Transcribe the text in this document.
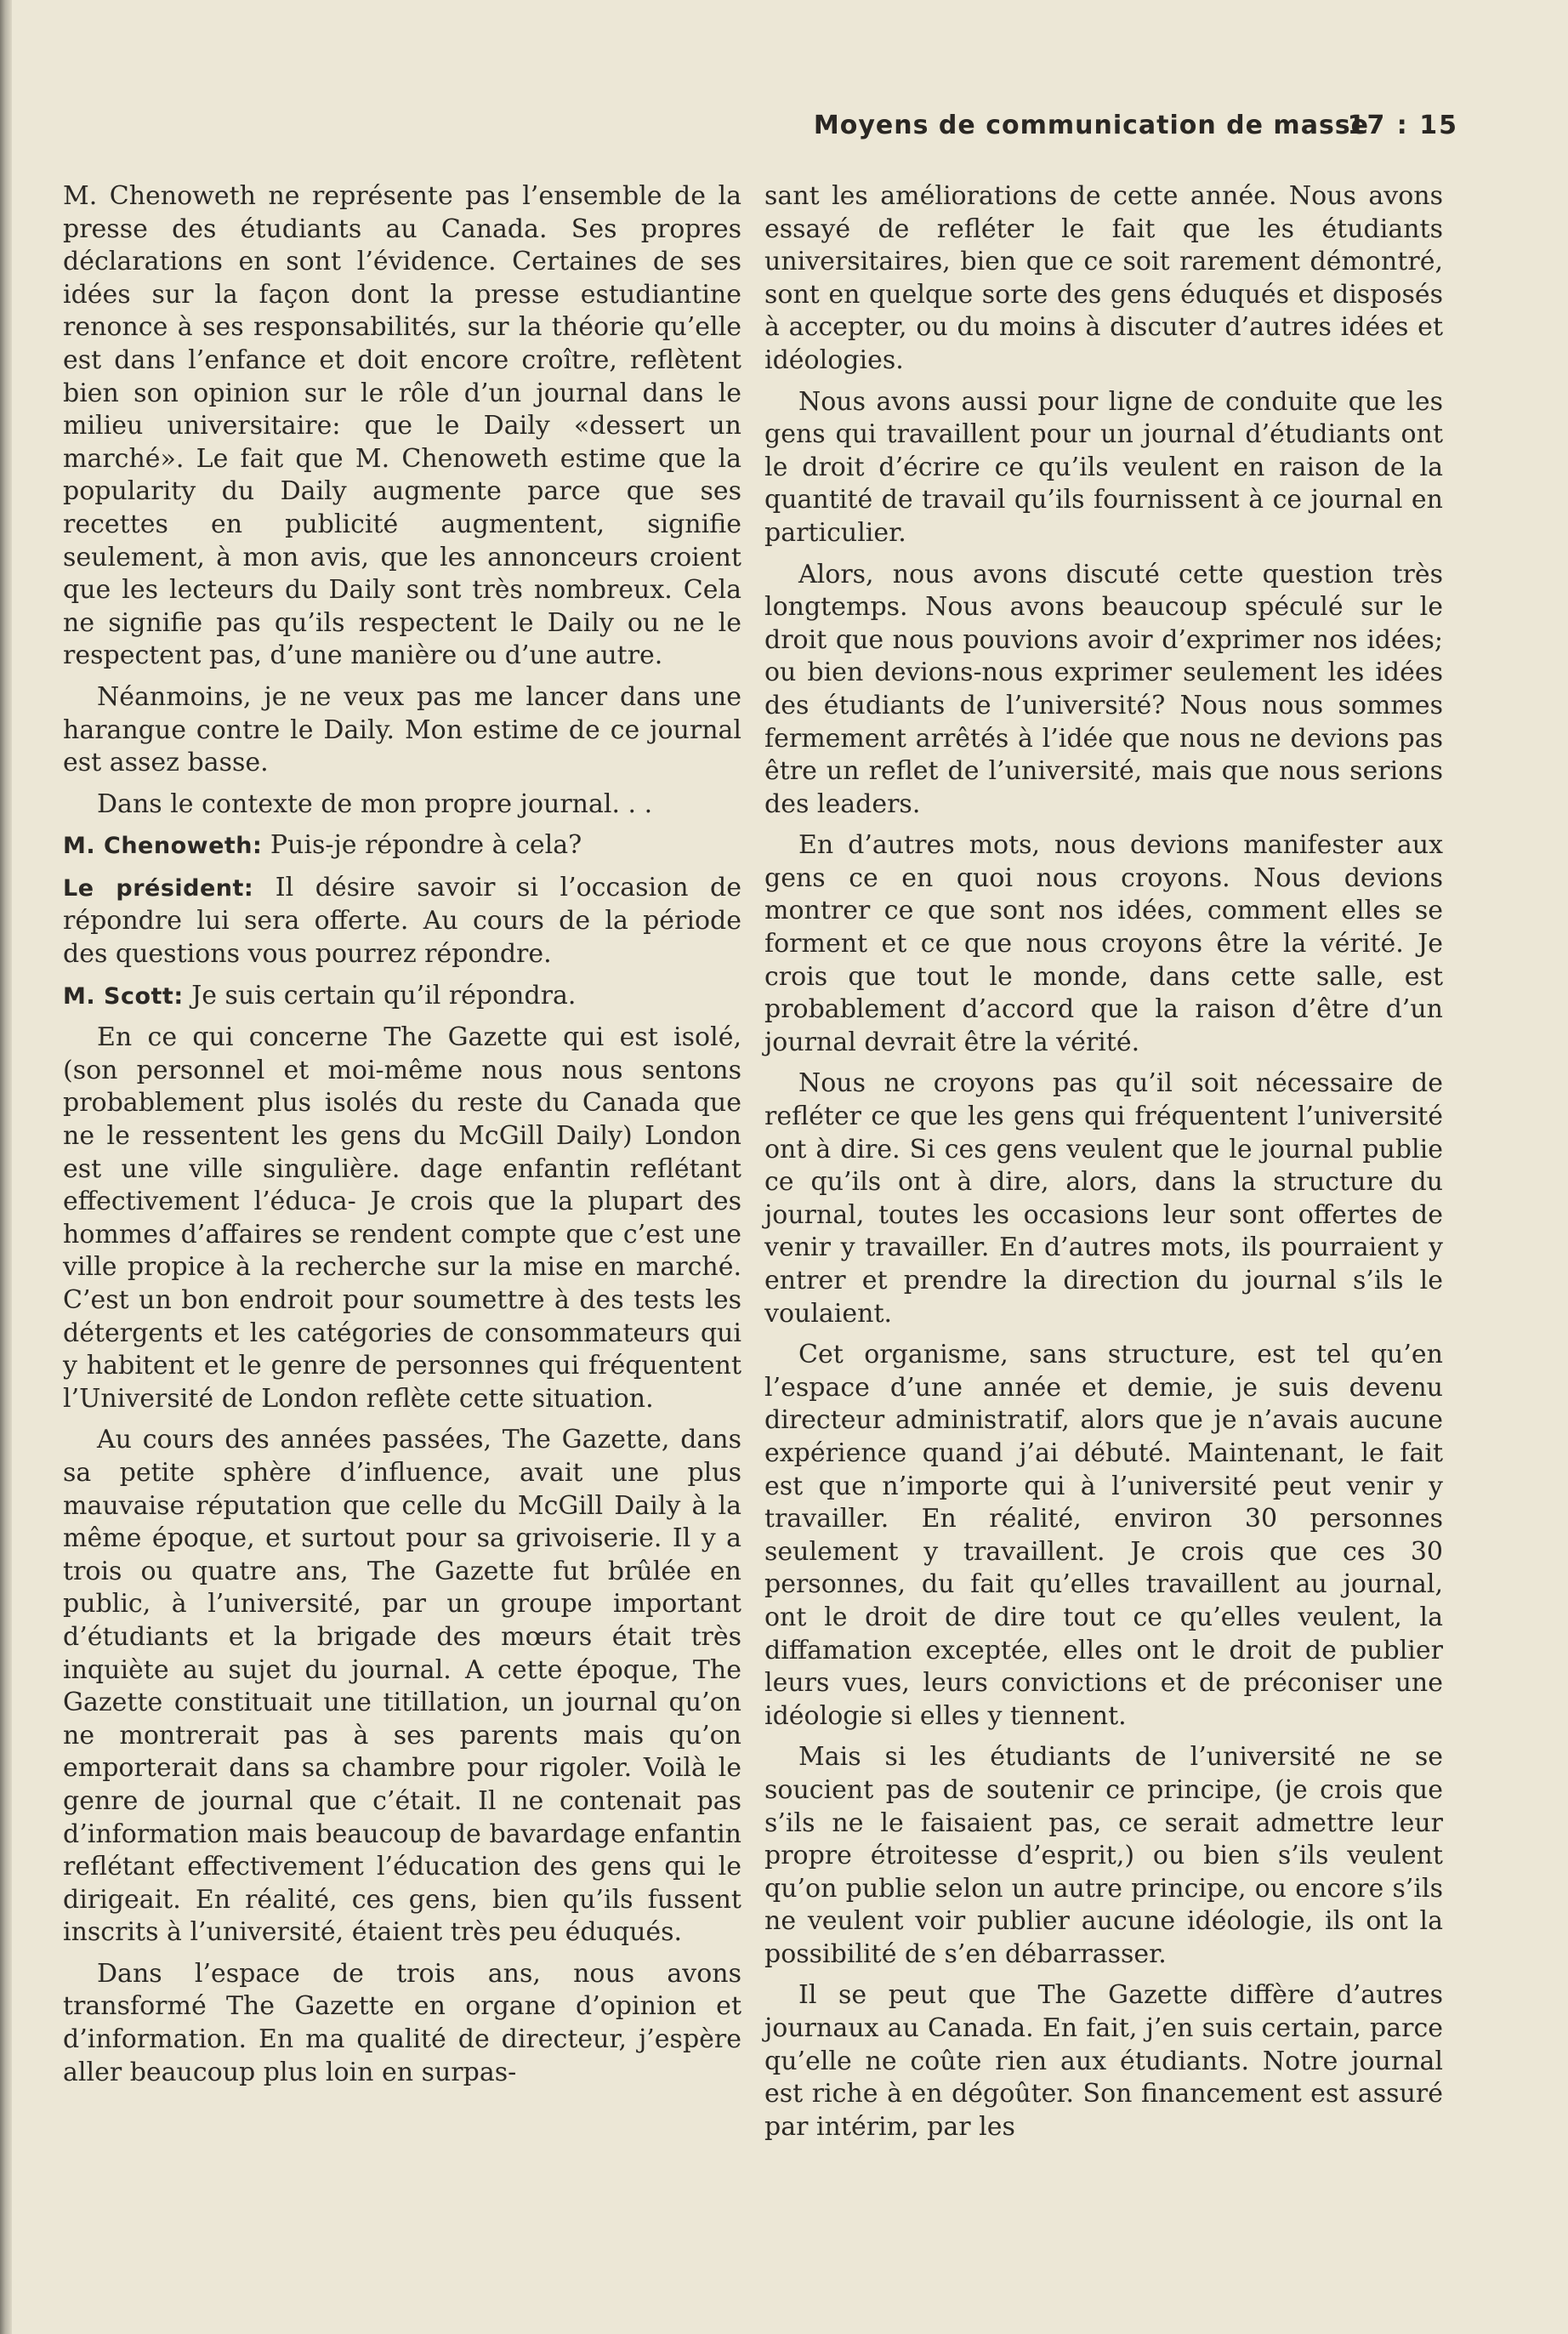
Moyens de communication de masse
17 : 15

M. Chenoweth ne représente pas l’ensemble de la presse des étudiants au Canada. Ses propres déclarations en sont l’évidence. Certaines de ses idées sur la façon dont la presse estudiantine renonce à ses responsabilités, sur la théorie qu’elle est dans l’enfance et doit encore croître, reflètent bien son opinion sur le rôle d’un journal dans le milieu universitaire: que le Daily «dessert un marché». Le fait que M. Chenoweth estime que la popularity du Daily augmente parce que ses recettes en publicité augmentent, signifie seulement, à mon avis, que les annonceurs croient que les lecteurs du Daily sont très nombreux. Cela ne signifie pas qu’ils respectent le Daily ou ne le respectent pas, d’une manière ou d’une autre.

Néanmoins, je ne veux pas me lancer dans une harangue contre le Daily. Mon estime de ce journal est assez basse.

Dans le contexte de mon propre journal. . .

M. Chenoweth: Puis-je répondre à cela?

Le président: Il désire savoir si l’occasion de répondre lui sera offerte. Au cours de la période des questions vous pourrez répondre.

M. Scott: Je suis certain qu’il répondra.

En ce qui concerne The Gazette qui est isolé, (son personnel et moi-même nous nous sentons probablement plus isolés du reste du Canada que ne le ressentent les gens du McGill Daily) London est une ville singulière. dage enfantin reflétant effectivement l’éduca- Je crois que la plupart des hommes d’affaires se rendent compte que c’est une ville propice à la recherche sur la mise en marché. C’est un bon endroit pour soumettre à des tests les détergents et les catégories de consommateurs qui y habitent et le genre de personnes qui fréquentent l’Université de London reflète cette situation.

Au cours des années passées, The Gazette, dans sa petite sphère d’influence, avait une plus mauvaise réputation que celle du McGill Daily à la même époque, et surtout pour sa grivoiserie. Il y a trois ou quatre ans, The Gazette fut brûlée en public, à l’université, par un groupe important d’étudiants et la brigade des mœurs était très inquiète au sujet du journal. A cette époque, The Gazette constituait une titillation, un journal qu’on ne montrerait pas à ses parents mais qu’on emporterait dans sa chambre pour rigoler. Voilà le genre de journal que c’était. Il ne contenait pas d’information mais beaucoup de bavardage enfantin reflétant effectivement l’éducation des gens qui le dirigeait. En réalité, ces gens, bien qu’ils fussent inscrits à l’université, étaient très peu éduqués.

Dans l’espace de trois ans, nous avons transformé The Gazette en organe d’opinion et d’information. En ma qualité de directeur, j’espère aller beaucoup plus loin en surpas-

sant les améliorations de cette année. Nous avons essayé de refléter le fait que les étudiants universitaires, bien que ce soit rarement démontré, sont en quelque sorte des gens éduqués et disposés à accepter, ou du moins à discuter d’autres idées et idéologies.

Nous avons aussi pour ligne de conduite que les gens qui travaillent pour un journal d’étudiants ont le droit d’écrire ce qu’ils veulent en raison de la quantité de travail qu’ils fournissent à ce journal en particulier.

Alors, nous avons discuté cette question très longtemps. Nous avons beaucoup spéculé sur le droit que nous pouvions avoir d’exprimer nos idées; ou bien devions-nous exprimer seulement les idées des étudiants de l’université? Nous nous sommes fermement arrêtés à l’idée que nous ne devions pas être un reflet de l’université, mais que nous serions des leaders.

En d’autres mots, nous devions manifester aux gens ce en quoi nous croyons. Nous devions montrer ce que sont nos idées, comment elles se forment et ce que nous croyons être la vérité. Je crois que tout le monde, dans cette salle, est probablement d’accord que la raison d’être d’un journal devrait être la vérité.

Nous ne croyons pas qu’il soit nécessaire de refléter ce que les gens qui fréquentent l’université ont à dire. Si ces gens veulent que le journal publie ce qu’ils ont à dire, alors, dans la structure du journal, toutes les occasions leur sont offertes de venir y travailler. En d’autres mots, ils pourraient y entrer et prendre la direction du journal s’ils le voulaient.

Cet organisme, sans structure, est tel qu’en l’espace d’une année et demie, je suis devenu directeur administratif, alors que je n’avais aucune expérience quand j’ai débuté. Maintenant, le fait est que n’importe qui à l’université peut venir y travailler. En réalité, environ 30 personnes seulement y travaillent. Je crois que ces 30 personnes, du fait qu’elles travaillent au journal, ont le droit de dire tout ce qu’elles veulent, la diffamation exceptée, elles ont le droit de publier leurs vues, leurs convictions et de préconiser une idéologie si elles y tiennent.

Mais si les étudiants de l’université ne se soucient pas de soutenir ce principe, (je crois que s’ils ne le faisaient pas, ce serait admettre leur propre étroitesse d’esprit,) ou bien s’ils veulent qu’on publie selon un autre principe, ou encore s’ils ne veulent voir publier aucune idéologie, ils ont la possibilité de s’en débarrasser.

Il se peut que The Gazette diffère d’autres journaux au Canada. En fait, j’en suis certain, parce qu’elle ne coûte rien aux étudiants. Notre journal est riche à en dégoûter. Son financement est assuré par intérim, par les
